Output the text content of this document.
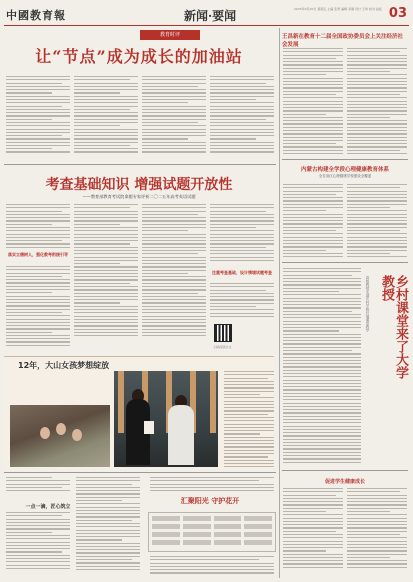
中國教育報	新闻·要闻	2025年6月20日 星期五 主编 张男 编辑 李刚 设计 王玮 校对 赵虹 03
教育时评
让“节点”成为成长的加油站
王昌新在教育十二届全国政协委员会上关注经济社会发展
内蒙古构建全学段心理健康教育体系
全自治区心理健康学校建设全覆盖
考查基础知识 增强试题开放性
——教育部教育考试院命题专家评析二〇二五年高考英语试题
落实立德树人，强化教考衔接引导
注重考查基础，设计情境试题考查
扫码阅读全文	乡村课堂来了大学教授
高校教授走进乡村学校开展课堂教学
12年，大山女孩梦想绽放
一点一滴，匠心筑立
汇聚阳光 守护花开
促进学生健康成长
